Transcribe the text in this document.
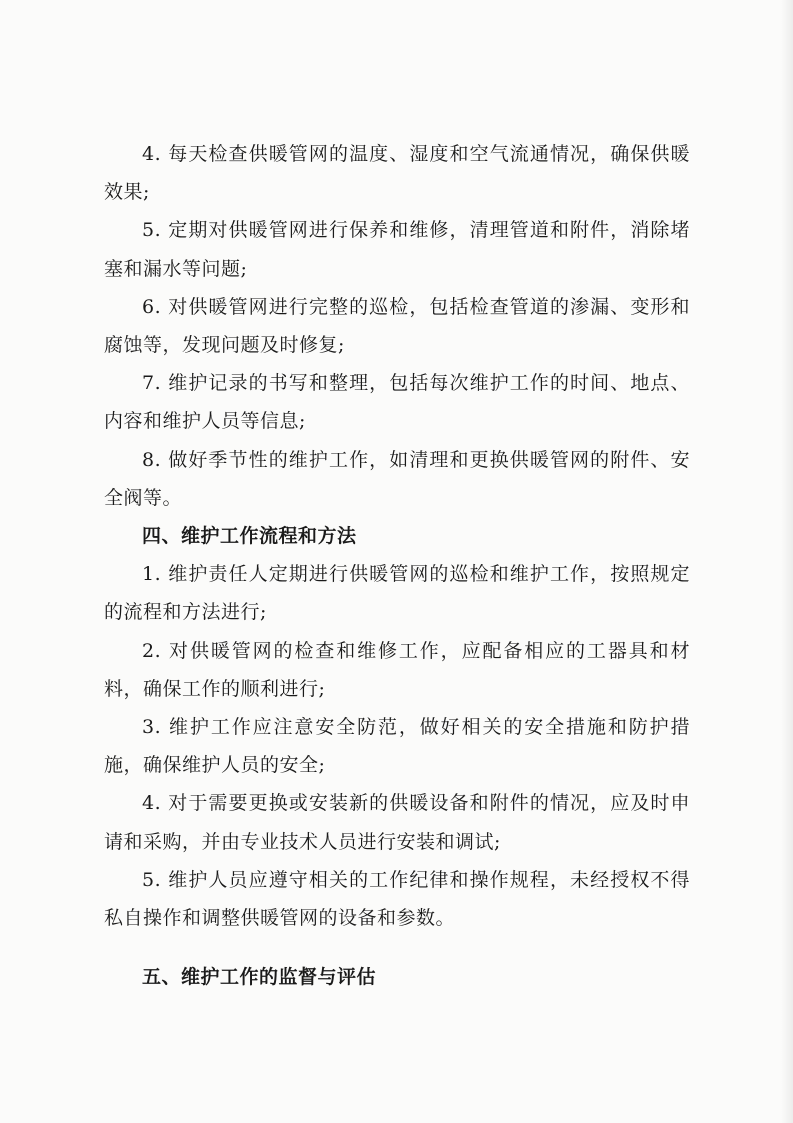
4. 每天检查供暖管网的温度、湿度和空气流通情况，确保供暖效果;

5. 定期对供暖管网进行保养和维修，清理管道和附件，消除堵塞和漏水等问题;

6. 对供暖管网进行完整的巡检，包括检查管道的渗漏、变形和腐蚀等，发现问题及时修复;

7. 维护记录的书写和整理，包括每次维护工作的时间、地点、内容和维护人员等信息;

8. 做好季节性的维护工作，如清理和更换供暖管网的附件、安全阀等。

四、维护工作流程和方法

1. 维护责任人定期进行供暖管网的巡检和维护工作，按照规定的流程和方法进行;

2. 对供暖管网的检查和维修工作，应配备相应的工器具和材料，确保工作的顺利进行;

3. 维护工作应注意安全防范，做好相关的安全措施和防护措施，确保维护人员的安全;

4. 对于需要更换或安装新的供暖设备和附件的情况，应及时申请和采购，并由专业技术人员进行安装和调试;

5. 维护人员应遵守相关的工作纪律和操作规程，未经授权不得私自操作和调整供暖管网的设备和参数。

五、维护工作的监督与评估
